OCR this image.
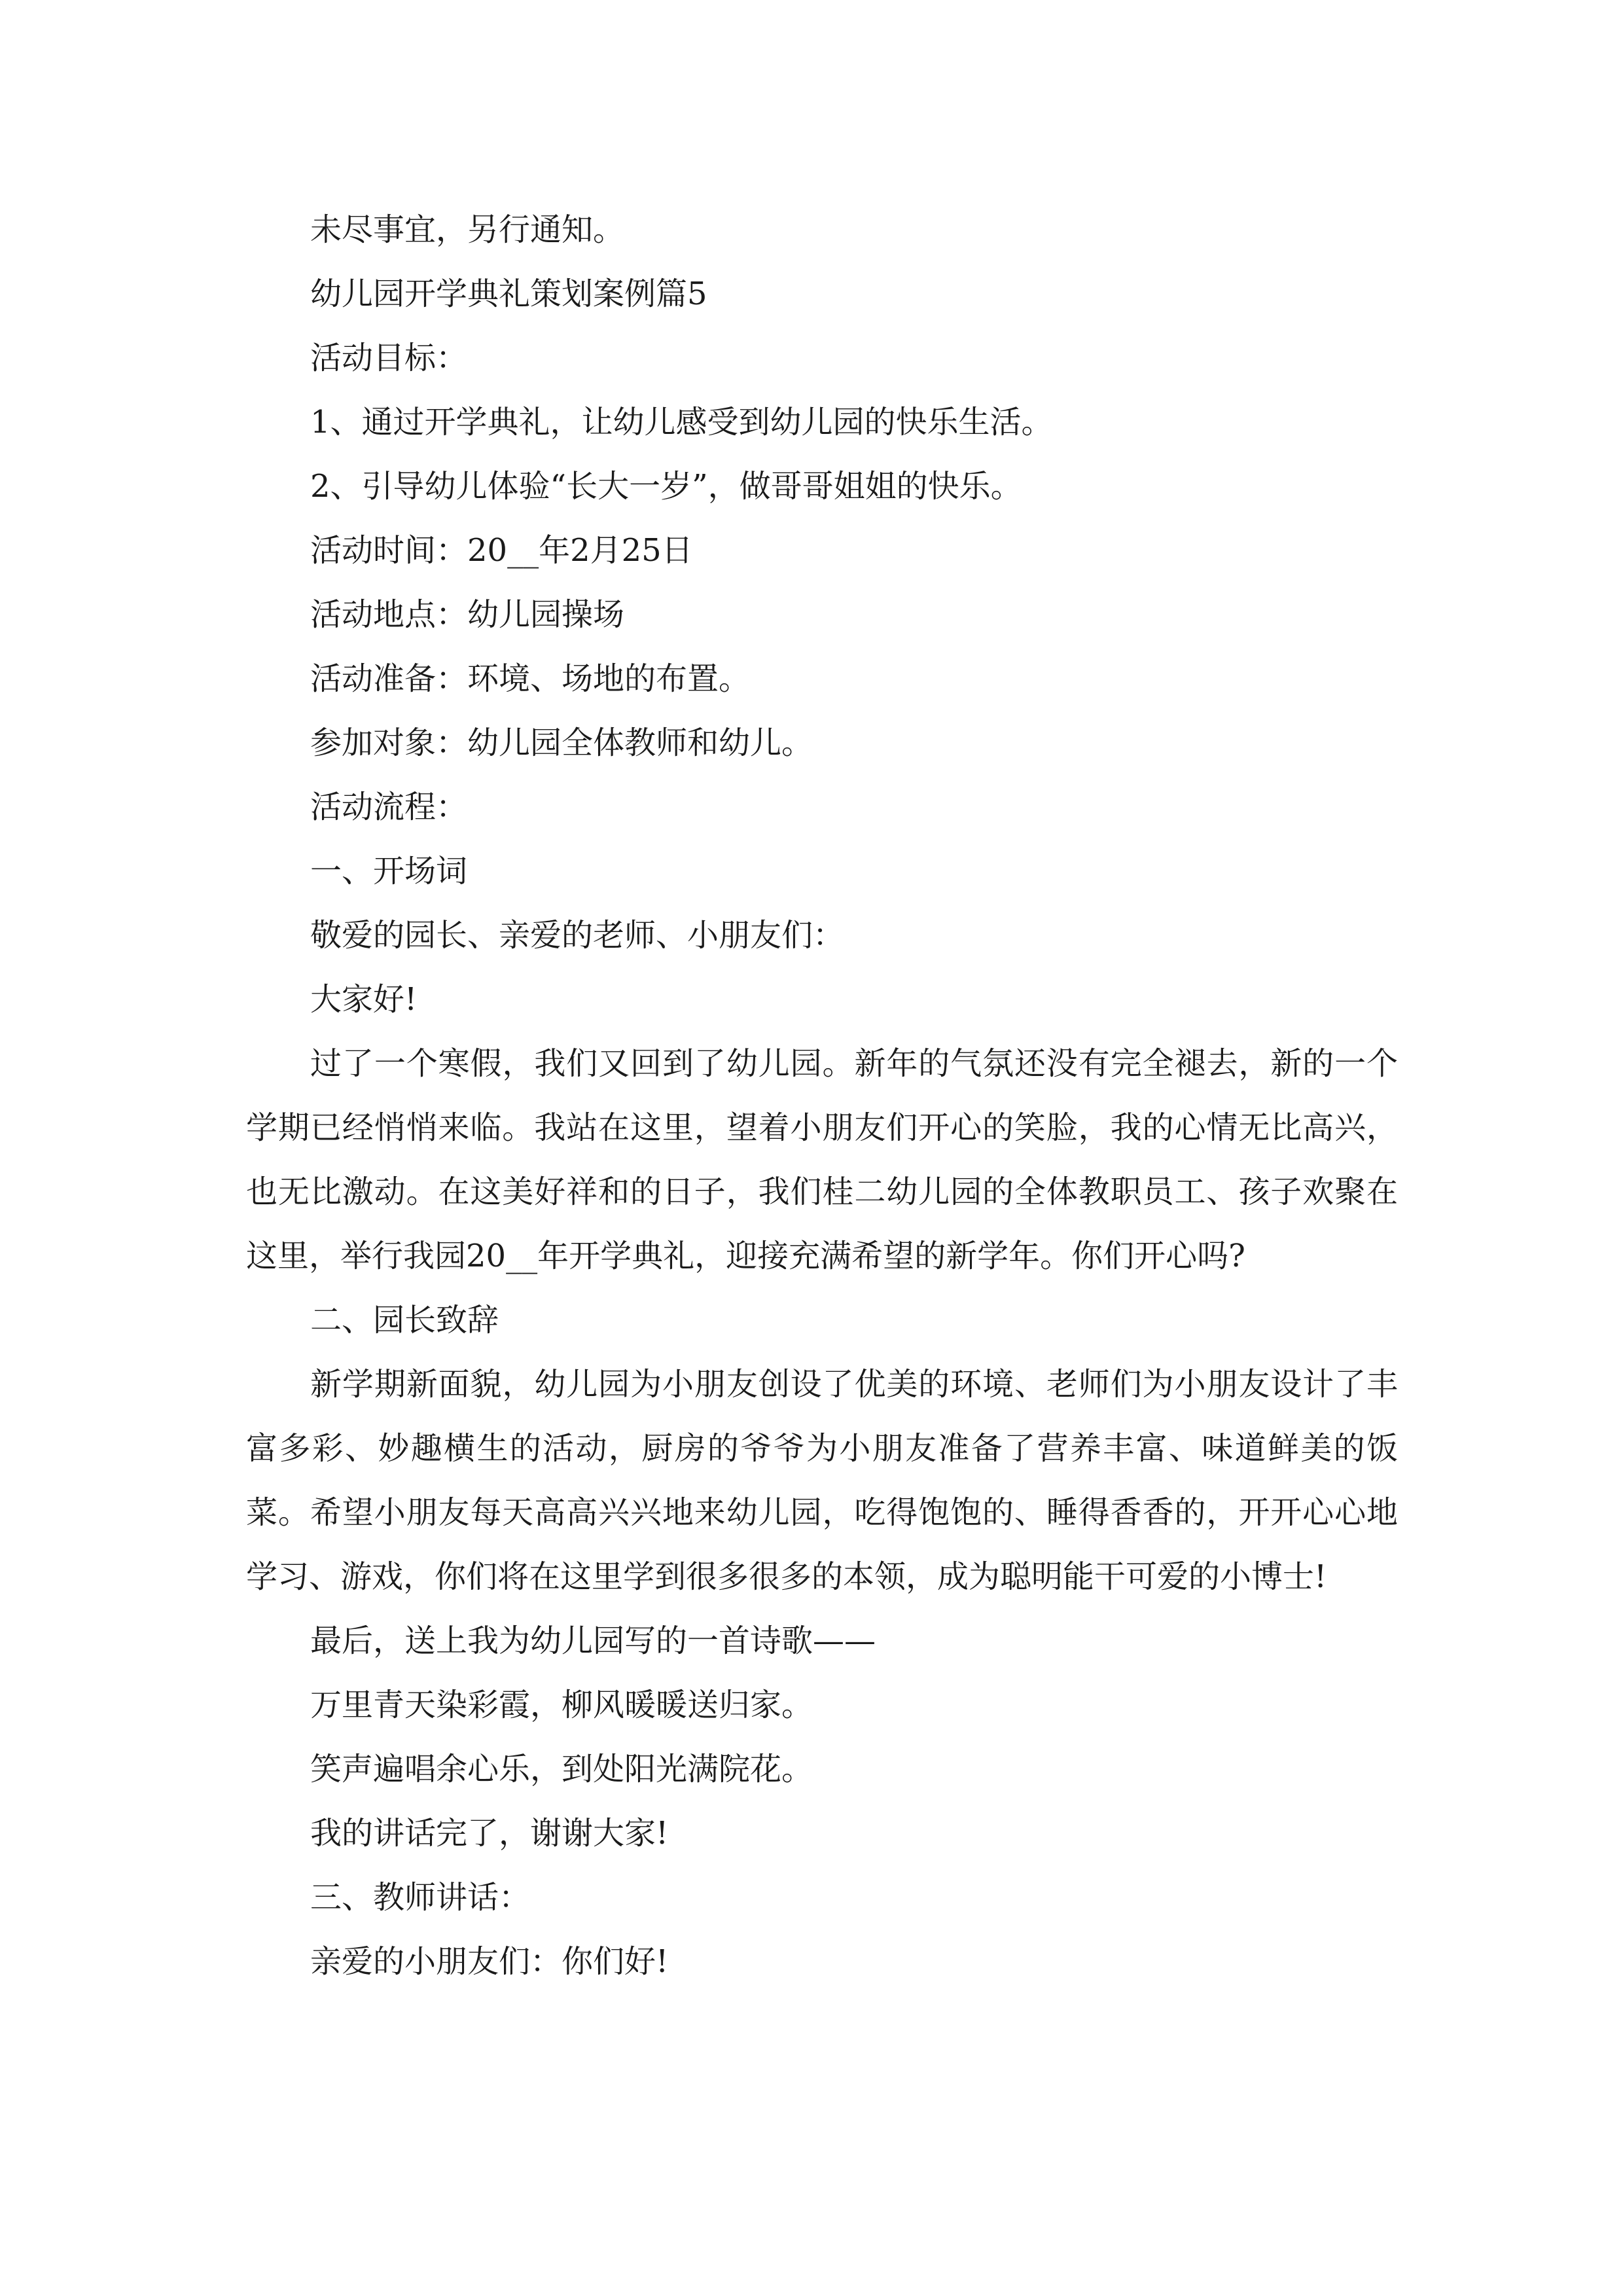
未尽事宜，另行通知。

幼儿园开学典礼策划案例篇5

活动目标：

1、通过开学典礼，让幼儿感受到幼儿园的快乐生活。

2、引导幼儿体验“长大一岁”，做哥哥姐姐的快乐。

活动时间：20__年2月25日

活动地点：幼儿园操场

活动准备：环境、场地的布置。

参加对象：幼儿园全体教师和幼儿。

活动流程：

一、开场词

敬爱的园长、亲爱的老师、小朋友们：

大家好!

过了一个寒假，我们又回到了幼儿园。新年的气氛还没有完全褪去，新的一个学期已经悄悄来临。我站在这里，望着小朋友们开心的笑脸，我的心情无比高兴，也无比激动。在这美好祥和的日子，我们桂二幼儿园的全体教职员工、孩子欢聚在这里，举行我园20__年开学典礼，迎接充满希望的新学年。你们开心吗?

二、园长致辞

新学期新面貌，幼儿园为小朋友创设了优美的环境、老师们为小朋友设计了丰富多彩、妙趣横生的活动，厨房的爷爷为小朋友准备了营养丰富、味道鲜美的饭菜。希望小朋友每天高高兴兴地来幼儿园，吃得饱饱的、睡得香香的，开开心心地学习、游戏，你们将在这里学到很多很多的本领，成为聪明能干可爱的小博士!

最后，送上我为幼儿园写的一首诗歌——

万里青天染彩霞，柳风暖暖送归家。

笑声遍唱余心乐，到处阳光满院花。

我的讲话完了，谢谢大家!

三、教师讲话：

亲爱的小朋友们：你们好!
